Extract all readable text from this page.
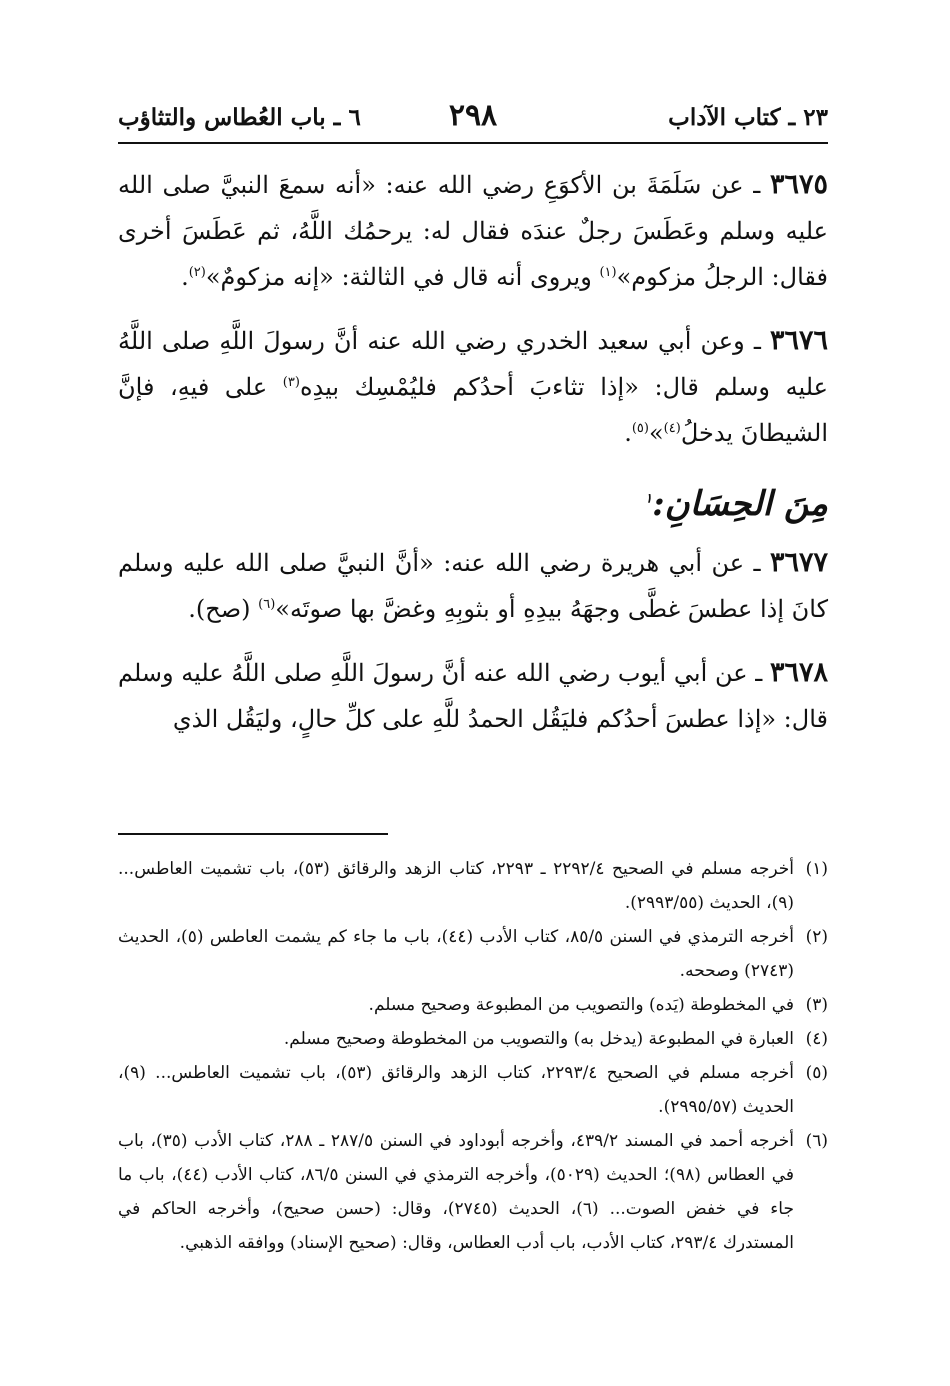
٢٣ ـ كتاب الآداب
٢٩٨
٦ ـ باب العُطاس والتثاؤب

٣٦٧٥ ـ عن سَلَمَةَ بن الأكوَعِ رضي الله عنه: «أنه سمعَ النبيَّ صلى الله عليه وسلم وعَطَسَ رجلٌ عندَه فقال له: يرحمُك اللَّهُ، ثم عَطَسَ أخرى فقال: الرجلُ مزكوم»$^{(١)}$ ويروى أنه قال في الثالثة: «إنه مزكومٌ»$^{(٢)}$.

٣٦٧٦ ـ وعن أبي سعيد الخدري رضي الله عنه أنَّ رسولَ اللَّهِ صلى اللَّهُ عليه وسلم قال: «إذا تثاءبَ أحدُكم فليُمْسِك بيدِه$^{(٣)}$ على فيهِ، فإنَّ الشيطانَ يدخلُ$^{(٤)}$»$^{(٥)}$.

مِنَ الحِسَانِ:$^١$

٣٦٧٧ ـ عن أبي هريرة رضي الله عنه: «أنَّ النبيَّ صلى الله عليه وسلم كانَ إذا عطسَ غطَّى وجهَهُ بيدِهِ أو بثوبِهِ وغضَّ بها صوتَه»$^{(٦)}$ (صح).

٣٦٧٨ ـ عن أبي أيوب رضي الله عنه أنَّ رسولَ اللَّهِ صلى اللَّهُ عليه وسلم قال: «إذا عطسَ أحدُكم فليَقُل الحمدُ للَّهِ على كلِّ حالٍ، وليَقُل الذي

(١)
أخرجه مسلم في الصحيح ٢٢٩٢/٤ ـ ٢٢٩٣، كتاب الزهد والرقائق (٥٣)، باب تشميت العاطس... (٩)، الحديث (٢٩٩٣/٥٥).

(٢)
أخرجه الترمذي في السنن ٨٥/٥، كتاب الأدب (٤٤)، باب ما جاء كم يشمت العاطس (٥)، الحديث (٢٧٤٣) وصححه.

(٣)
في المخطوطة (يَده) والتصويب من المطبوعة وصحيح مسلم.

(٤)
العبارة في المطبوعة (يدخل به) والتصويب من المخطوطة وصحيح مسلم.

(٥)
أخرجه مسلم في الصحيح ٢٢٩٣/٤، كتاب الزهد والرقائق (٥٣)، باب تشميت العاطس... (٩)، الحديث (٢٩٩٥/٥٧).

(٦)
أخرجه أحمد في المسند ٤٣٩/٢، وأخرجه أبوداود في السنن ٢٨٧/٥ ـ ٢٨٨، كتاب الأدب (٣٥)، باب في العطاس (٩٨)؛ الحديث (٥٠٢٩)، وأخرجه الترمذي في السنن ٨٦/٥، كتاب الأدب (٤٤)، باب ما جاء في خفض الصوت... (٦)، الحديث (٢٧٤٥)، وقال: (حسن صحيح)، وأخرجه الحاكم في المستدرك ٢٩٣/٤، كتاب الأدب، باب أدب العطاس، وقال: (صحيح الإسناد) ووافقه الذهبي.
